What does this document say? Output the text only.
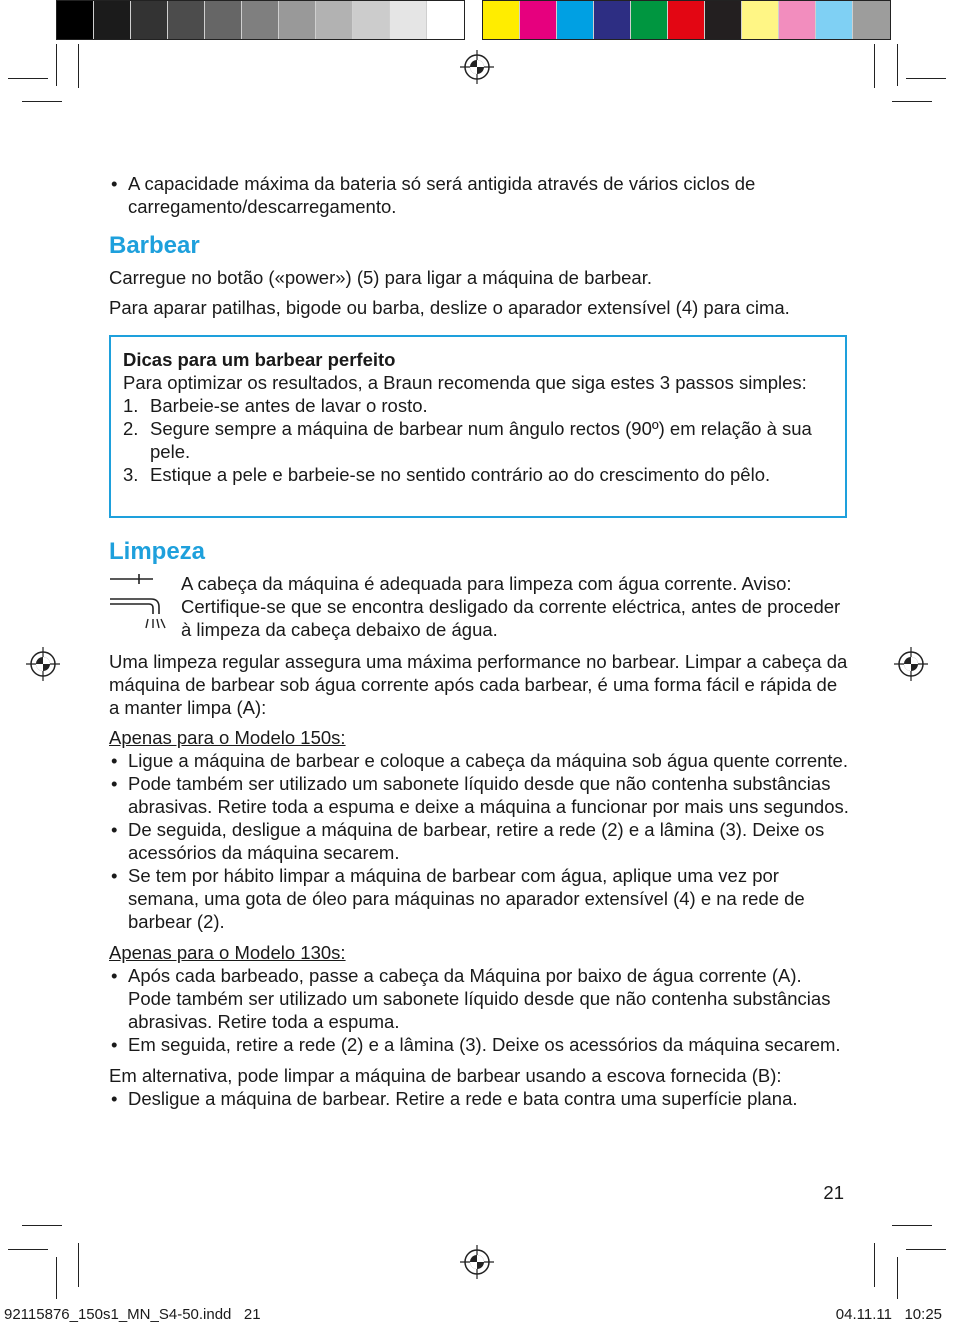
• A capacidade máxima da bateria só será antigida através de vários ciclos de carregamento/descarregamento.
Barbear

Carregue no botão («power») (5) para ligar a máquina de barbear.

Para aparar patilhas, bigode ou barba, deslize o aparador extensível (4) para cima.

Dicas para um barbear perfeito
Para optimizar os resultados, a Braun recomenda que siga estes 3 passos simples:
1. Barbeie-se antes de lavar o rosto.
2. Segure sempre a máquina de barbear num ângulo rectos (90º) em relação à sua pele.
3. Estique a pele e barbeie-se no sentido contrário ao do crescimento do pêlo.
Limpeza
A cabeça da máquina é adequada para limpeza com água corrente. Aviso: Certifique-se que se encontra desligado da corrente eléctrica, antes de proceder à limpeza da cabeça debaixo de água.

Uma limpeza regular assegura uma máxima performance no barbear. Limpar a cabeça da máquina de barbear sob água corrente após cada barbear, é uma forma fácil e rápida de a manter limpa (A):

Apenas para o Modelo 150s:
• Ligue a máquina de barbear e coloque a cabeça da máquina sob água quente corrente.
• Pode também ser utilizado um sabonete líquido desde que não contenha substâncias abrasivas. Retire toda a espuma e deixe a máquina a funcionar por mais uns segundos.
• De seguida, desligue a máquina de barbear, retire a rede (2) e a lâmina (3). Deixe os acessórios da máquina secarem.
• Se tem por hábito limpar a máquina de barbear com água, aplique uma vez por semana, uma gota de óleo para máquinas no aparador extensível (4) e na rede de barbear (2).
Apenas para o Modelo 130s:
• Após cada barbeado, passe a cabeça da Máquina por baixo de água corrente (A). Pode também ser utilizado um sabonete líquido desde que não contenha substâncias abrasivas. Retire toda a espuma.
• Em seguida, retire a rede (2) e a lâmina (3). Deixe os acessórios da máquina secarem.

Em alternativa, pode limpar a máquina de barbear usando a escova fornecida (B):

• Desligue a máquina de barbear. Retire a rede e bata contra uma superfície plana.
21
92115876_150s1_MN_S4-50.indd   21	04.11.11   10:25
